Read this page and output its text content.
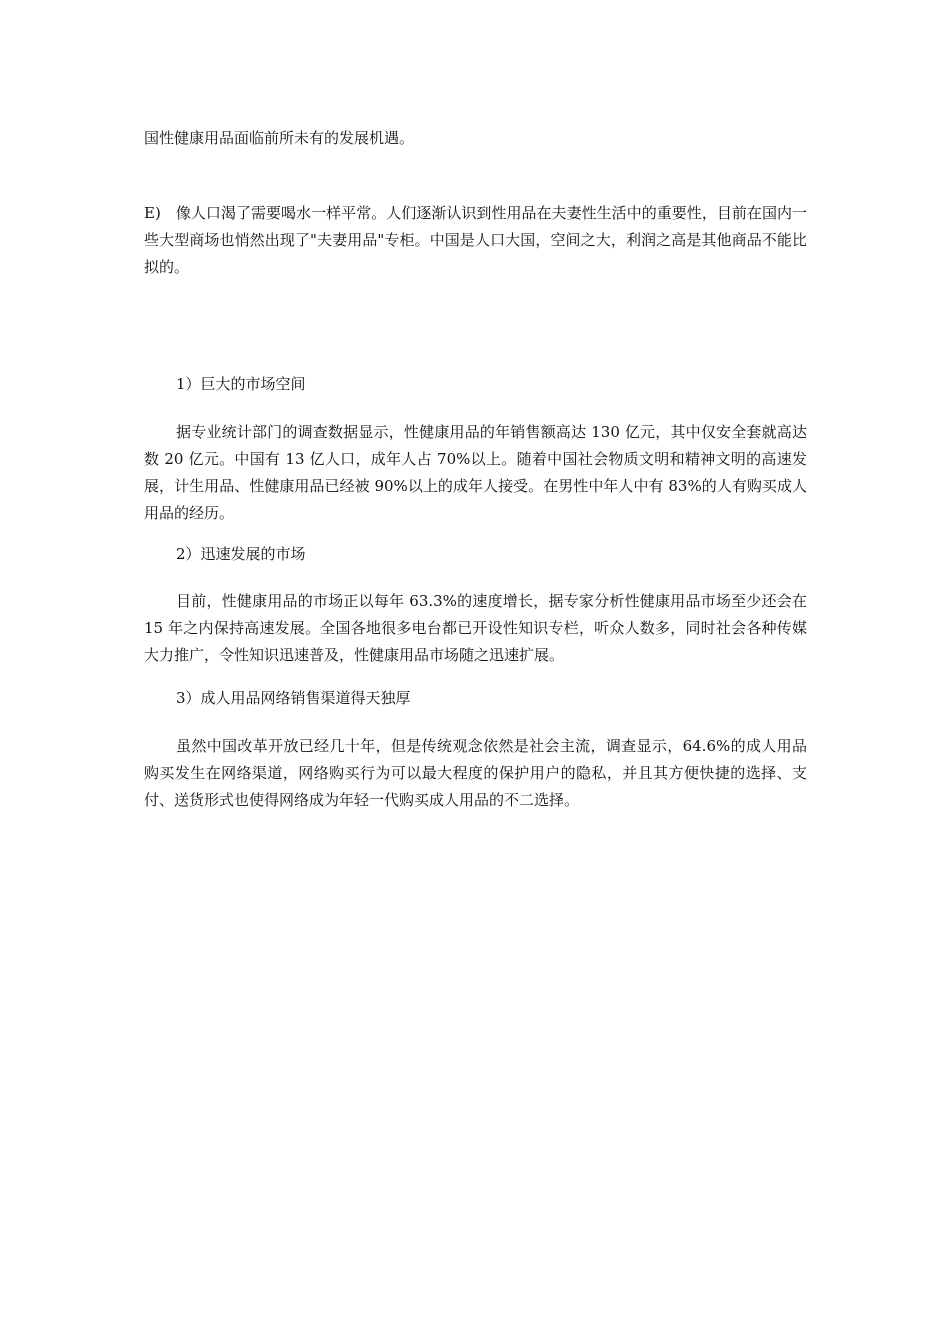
国性健康用品面临前所未有的发展机遇。

E)　像人口渴了需要喝水一样平常。人们逐渐认识到性用品在夫妻性生活中的重要性，目前在国内一些大型商场也悄然出现了"夫妻用品"专柜。中国是人口大国，空间之大，利润之高是其他商品不能比拟的。

1）巨大的市场空间

据专业统计部门的调查数据显示，性健康用品的年销售额高达 130 亿元，其中仅安全套就高达数 20 亿元。中国有 13 亿人口，成年人占 70%以上。随着中国社会物质文明和精神文明的高速发展，计生用品、性健康用品已经被 90%以上的成年人接受。在男性中年人中有 83%的人有购买成人用品的经历。

2）迅速发展的市场

目前，性健康用品的市场正以每年 63.3%的速度增长，据专家分析性健康用品市场至少还会在 15 年之内保持高速发展。全国各地很多电台都已开设性知识专栏，听众人数多，同时社会各种传媒大力推广，令性知识迅速普及，性健康用品市场随之迅速扩展。

3）成人用品网络销售渠道得天独厚

虽然中国改革开放已经几十年，但是传统观念依然是社会主流，调查显示，64.6%的成人用品购买发生在网络渠道，网络购买行为可以最大程度的保护用户的隐私，并且其方便快捷的选择、支付、送货形式也使得网络成为年轻一代购买成人用品的不二选择。
